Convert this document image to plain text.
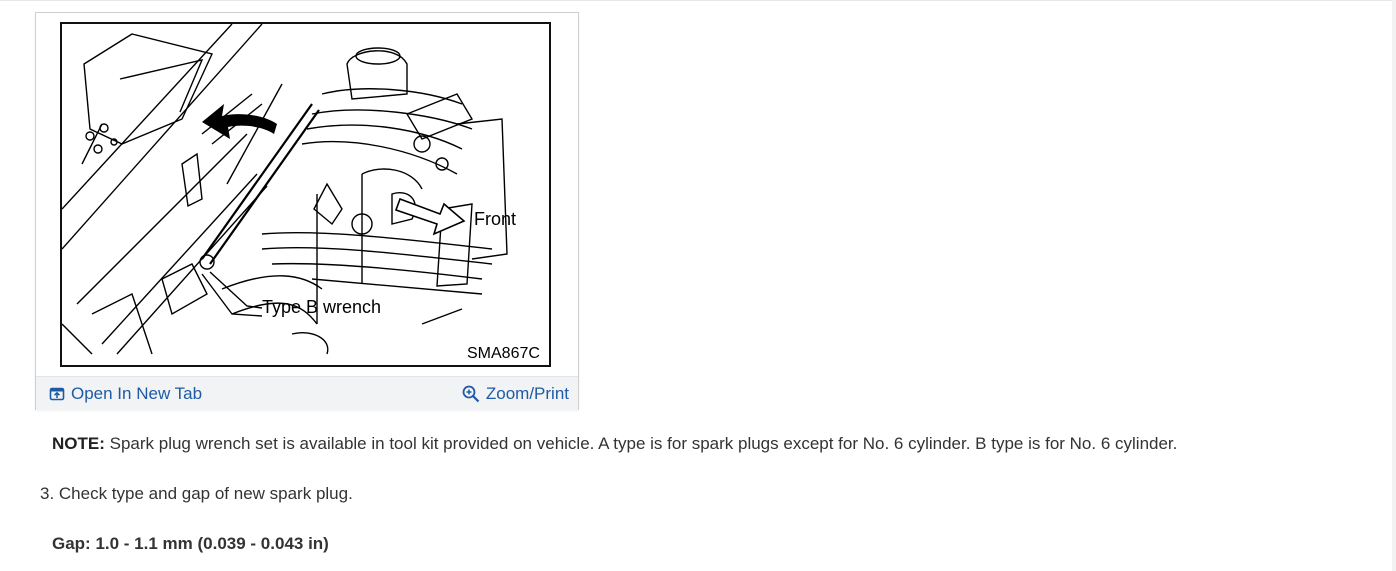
Front
Type B wrench
SMA867C
Open In New Tab	Zoom/Print
NOTE: Spark plug wrench set is available in tool kit provided on vehicle. A type is for spark plugs except for No. 6 cylinder. B type is for No. 6 cylinder.
3. Check type and gap of new spark plug.
Gap: 1.0 - 1.1 mm (0.039 - 0.043 in)
